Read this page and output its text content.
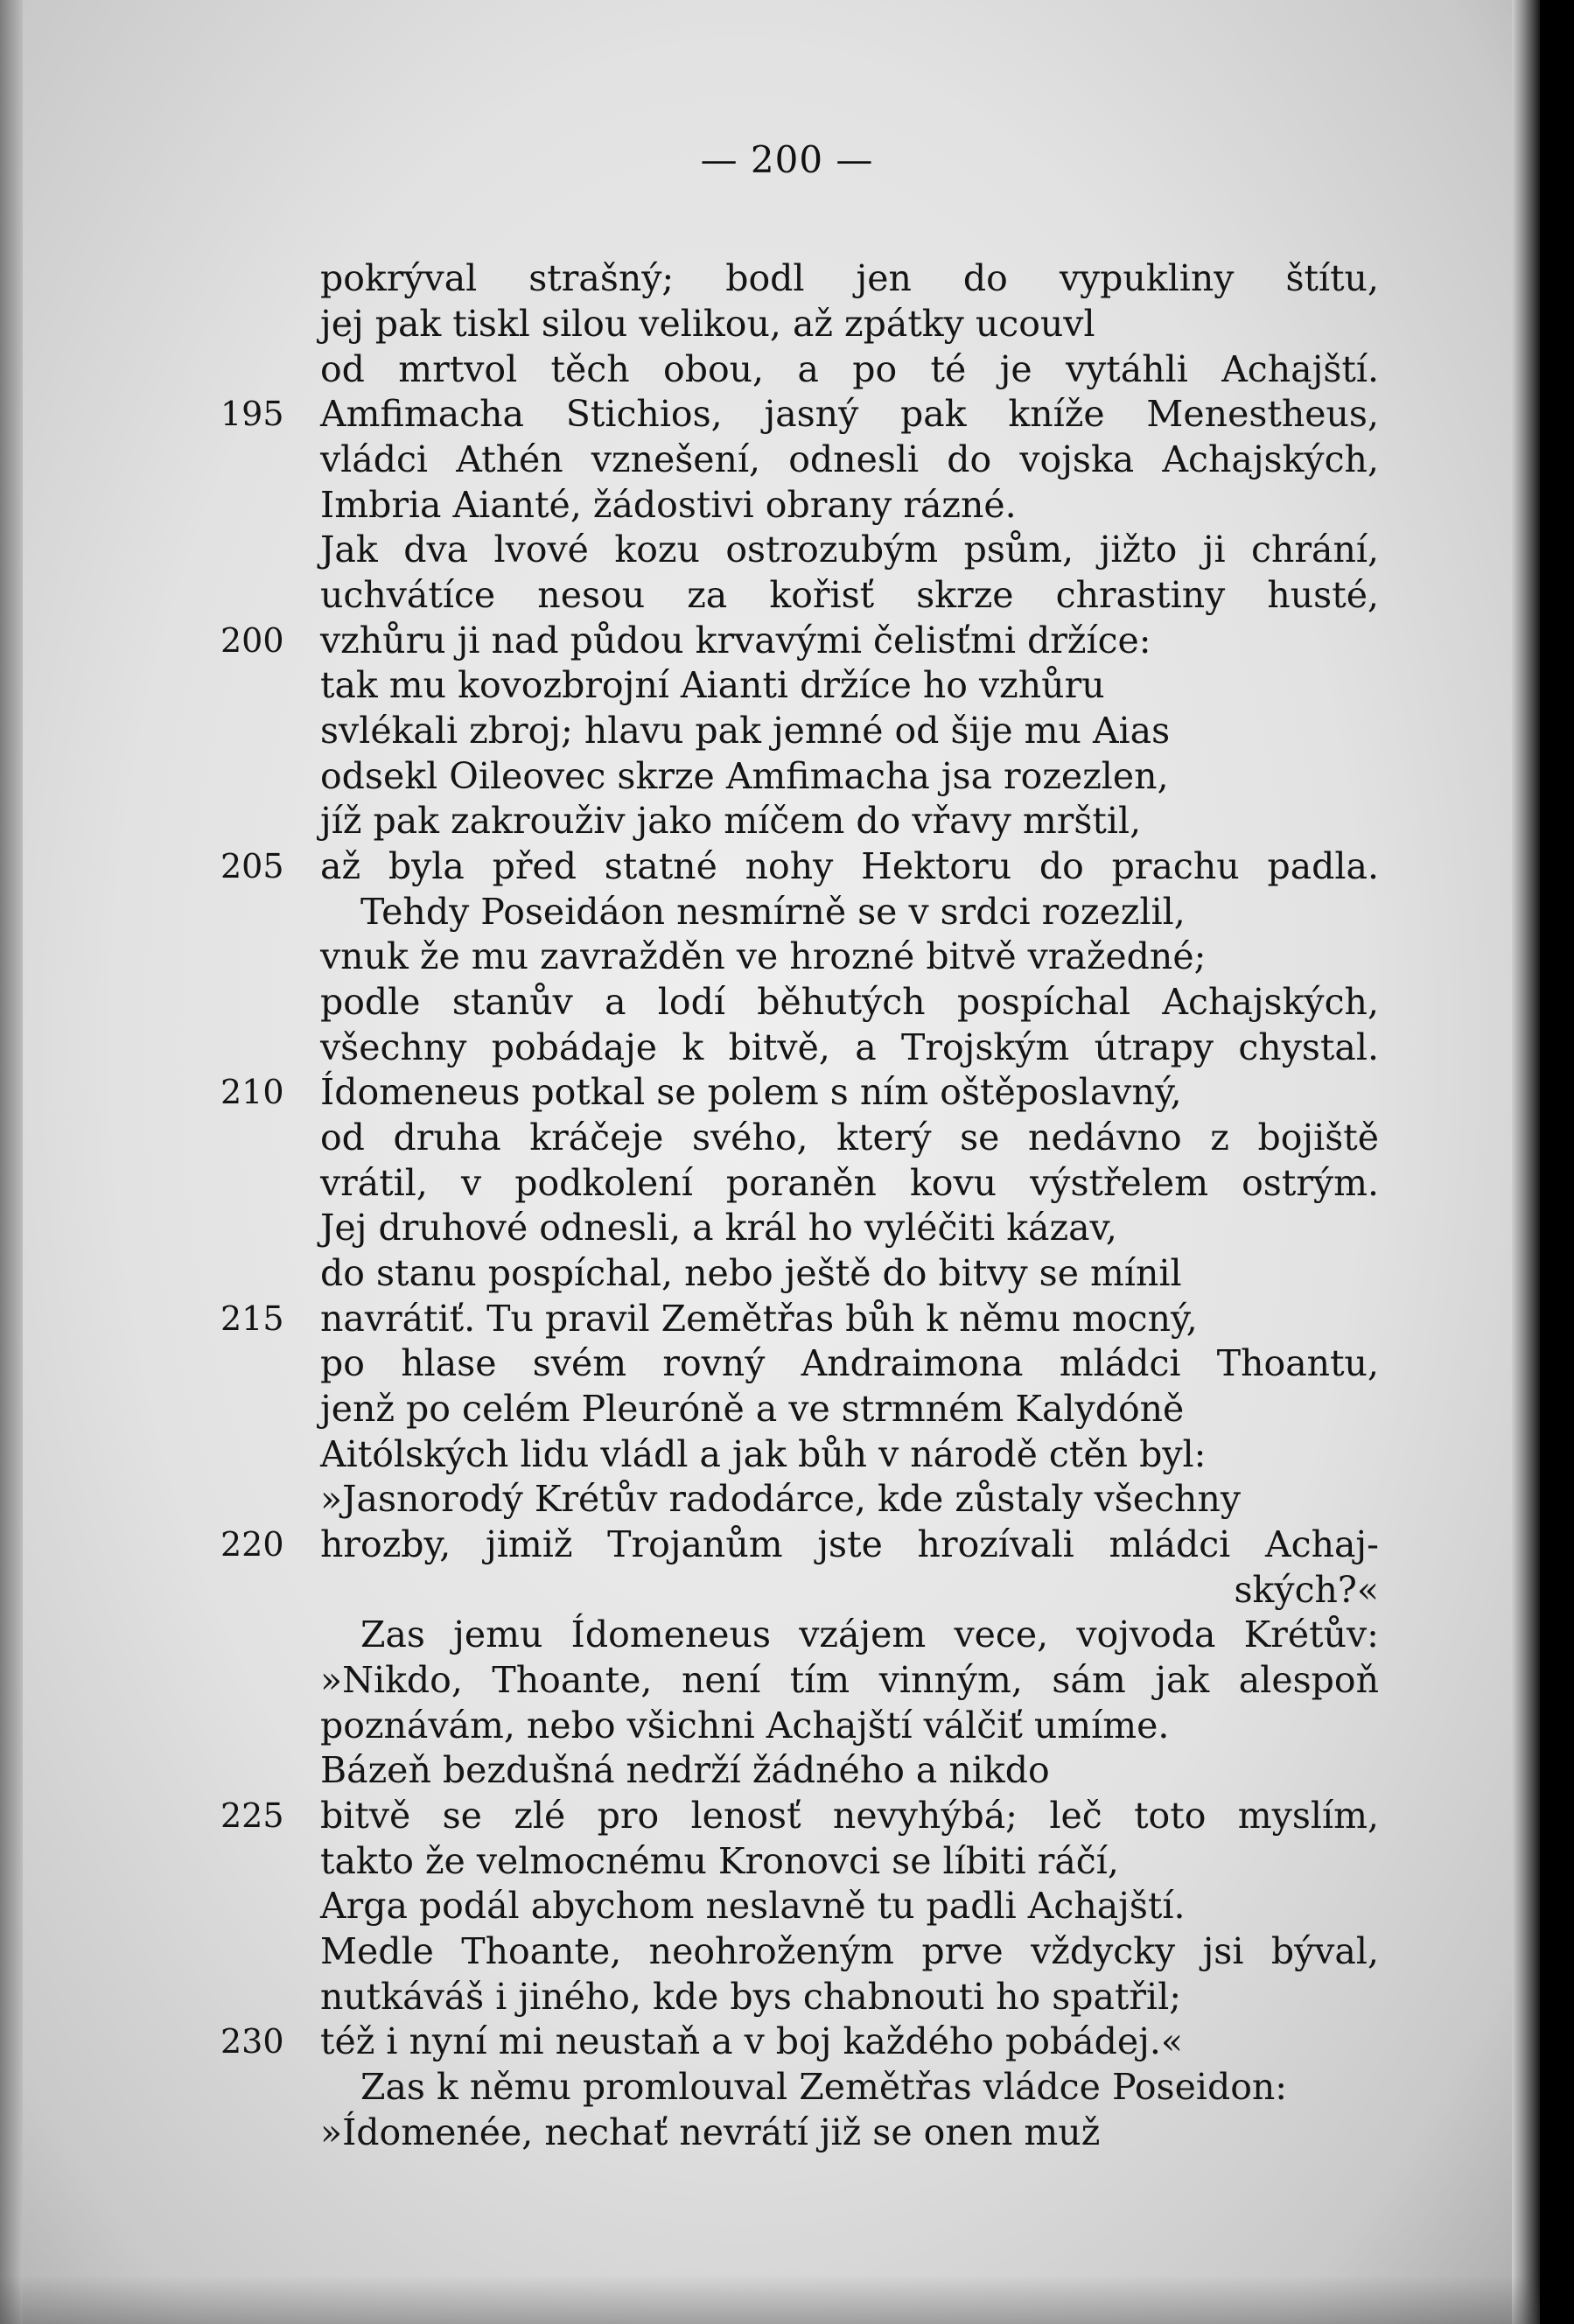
— 200 —
pokrýval strašný; bodl jen do vypukliny štítu,
jej pak tiskl silou velikou, až zpátky ucouvl
od mrtvol těch obou, a po té je vytáhli Achajští.
195	Amfimacha Stichios, jasný pak kníže Menestheus,
vládci Athén vznešení, odnesli do vojska Achajských,
Imbria Aianté, žádostivi obrany rázné.
Jak dva lvové kozu ostrozubým psům, jižto ji chrání,
uchvátíce nesou za kořisť skrze chrastiny husté,
200	vzhůru ji nad půdou krvavými čelisťmi držíce:
tak mu kovozbrojní Aianti držíce ho vzhůru
svlékali zbroj; hlavu pak jemné od šije mu Aias
odsekl Oileovec skrze Amfimacha jsa rozezlen,
jíž pak zakrouživ jako míčem do vřavy mrštil,
205	až byla před statné nohy Hektoru do prachu padla.
Tehdy Poseidáon nesmírně se v srdci rozezlil,
vnuk že mu zavražděn ve hrozné bitvě vražedné;
podle stanův a lodí běhutých pospíchal Achajských,
všechny pobádaje k bitvě, a Trojským útrapy chystal.
210	Ídomeneus potkal se polem s ním oštěposlavný,
od druha kráčeje svého, který se nedávno z bojiště
vrátil, v podkolení poraněn kovu výstřelem ostrým.
Jej druhové odnesli, a král ho vyléčiti kázav,
do stanu pospíchal, nebo ještě do bitvy se mínil
215	navrátiť. Tu pravil Zemětřas bůh k němu mocný,
po hlase svém rovný Andraimona mládci Thoantu,
jenž po celém Pleuróně a ve strmném Kalydóně
Aitólských lidu vládl a jak bůh v národě ctěn byl:
»Jasnorodý Krétův radodárce, kde zůstaly všechny
220	hrozby, jimiž Trojanům jste hrozívali mládci Achaj-
ských?«
Zas jemu Ídomeneus vzájem vece, vojvoda Krétův:
»Nikdo, Thoante, není tím vinným, sám jak alespoň
poznávám, nebo všichni Achajští válčiť umíme.
Bázeň bezdušná nedrží žádného a nikdo
225	bitvě se zlé pro lenosť nevyhýbá; leč toto myslím,
takto že velmocnému Kronovci se líbiti ráčí,
Arga podál abychom neslavně tu padli Achajští.
Medle Thoante, neohroženým prve vždycky jsi býval,
nutkáváš i jiného, kde bys chabnouti ho spatřil;
230	též i nyní mi neustaň a v boj každého pobádej.«
Zas k němu promlouval Zemětřas vládce Poseidon:
»Ídomenée, nechať nevrátí již se onen muž
